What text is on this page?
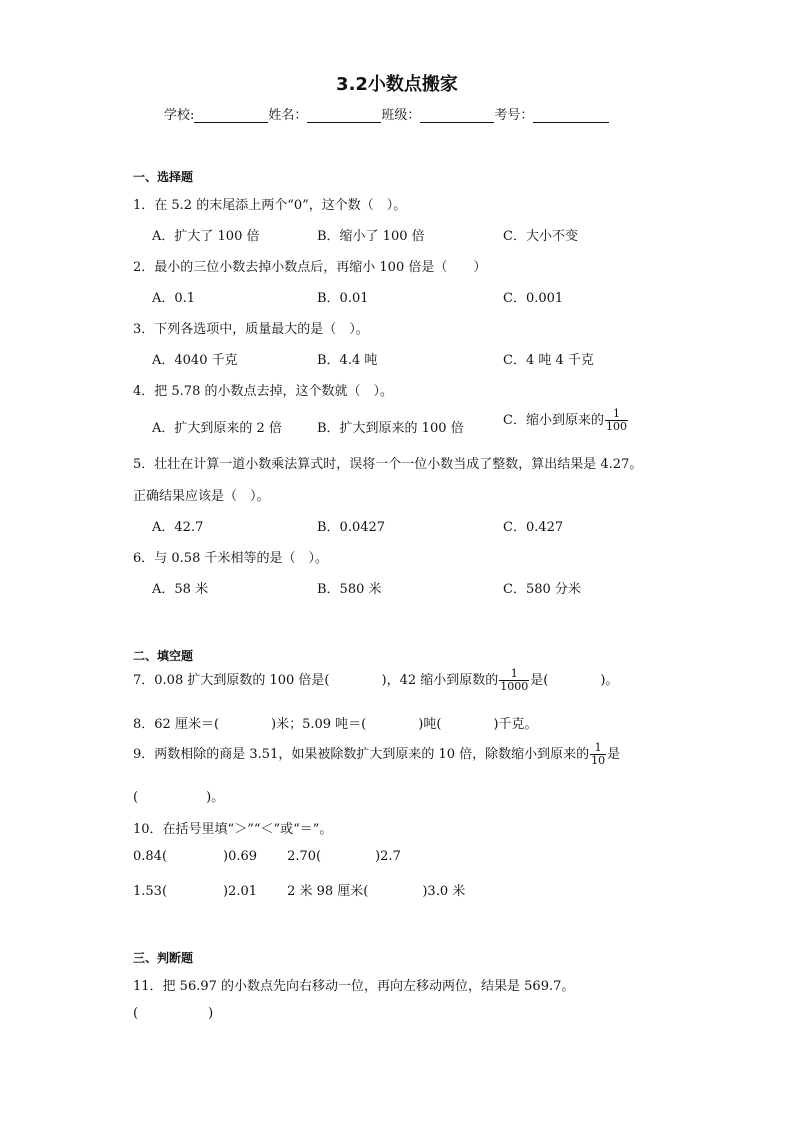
3.2小数点搬家
学校:	姓名：	班级：	考号：
一、选择题
1．在 5.2 的末尾添上两个“0”，这个数（　）。
A．扩大了 100 倍	B．缩小了 100 倍	C．大小不变
2．最小的三位小数去掉小数点后，再缩小 100 倍是（　　）
A．0.1	B．0.01	C．0.001
3．下列各选项中，质量最大的是（　）。
A．4040 千克	B．4.4 吨	C．4 吨 4 千克
4．把 5.78 的小数点去掉，这个数就（　）。
A．扩大到原来的 2 倍	B．扩大到原来的 100 倍
C．缩小到原来的 $\frac{1}{100}$
5．壮壮在计算一道小数乘法算式时，误将一个一位小数当成了整数，算出结果是 4.27。
正确结果应该是（　）。
A．42.7	B．0.0427	C．0.427
6．与 0.58 千米相等的是（　）。
A．58 米	B．580 米	C．580 分米
二、填空题
7．0.08 扩大到原数的 100 倍是(	)，42 缩小到原数的 $\frac{1}{1000}$ 是(	)。
8．62 厘米＝(	)米；5.09 吨＝(	)吨(	)千克。
9．两数相除的商是 3.51，如果被除数扩大到原来的 10 倍，除数缩小到原来的 $\frac{1}{10}$ 是
(	)。
10．在括号里填“＞”“＜”或“＝”。
0.84(	)0.69 2.70(	)2.7
1.53(	)2.01 2 米 98 厘米(	)3.0 米
三、判断题
11．把 56.97 的小数点先向右移动一位，再向左移动两位，结果是 569.7。
(	)
